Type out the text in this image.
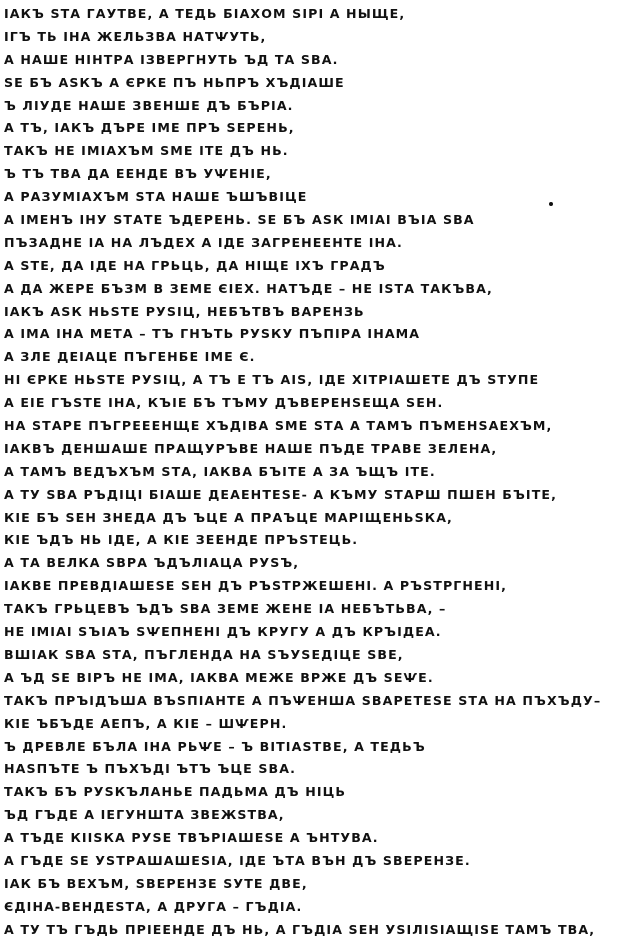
ІАКЪ ЅТА ГАУТВЕ, А ТЕДЬ БІАХОМ ЅІРІ А НЫЩЕ,
ІГЪ ТЬ ІНА ЖЕЛЬЗВА НАТѰУТЬ,
А НАШЕ НІНТРА ІЗВЕРГНУТЬ ЪД ТА ЅВА.
ЅЕ БЪ АЅКЪ А ЄРКЕ ПЪ НЬПРЪ ХЪДІАШЕ
Ъ ЛІУДЕ НАШЕ ЗВЕНШЕ ДЪ БЪРІА.
А ТЪ, ІАКЪ ДЪРЕ ІМЕ ПРЪ ЅЕРЕНЬ,
ТАКЪ НЕ ІМІАХЪМ ЅМЕ ІТЕ ДЪ НЬ.
Ъ ТЪ ТВА ДА ЕЕНДЕ ВЪ УѰЕНІЕ,
А РАЗУМІАХЪМ ЅТА НАШЕ ЪШЪВІЦЕ
А ІМЕНЪ ІНУ ЅТАТЕ ЪДЕРЕНЬ. ЅЕ БЪ АЅК ІМІАІ ВЪІА ЅВА
ПЪЗАДНЕ ІА НА ЛЪДЕХ А ІДЕ ЗАГРЕНЕЕНТЕ ІНА.
А ЅТЕ, ДА ІДЕ НА ГРЬЦЬ, ДА НІЩЕ ІХЪ ГРАДЪ
А ДА ЖЕРЕ БЪЗМ В ЗЕМЕ ЄІЕХ. НАТЪДЕ – НЕ ІЅТА ТАКЪВА,
ІАКЪ АЅК НЬЅТЕ РУЅІЦ, НЕБЪТВЪ ВАРЕНЗЬ
А ІМА ІНА МЕТА – ТЪ ГНЪТЬ РУЅКУ ПЪПІРА ІНАМА
А ЗЛЕ ДЕІАЦЕ ПЪГЕНБЕ ІМЕ Є.
НІ ЄРКЕ НЬЅТЕ РУЅІЦ, А ТЪ Е ТЪ АІЅ, ІДЕ ХІТРІАШЕТЕ ДЪ ЅТУПЕ
А ЕІЕ ГЪЅТЕ ІНА, КЪІЕ БЪ ТЪМУ ДЪВЕРЕНЅЕЩА ЅЕН.
НА ЅТАРЕ ПЪГРЕЕЕНЩЕ ХЪДІВА ЅМЕ ЅТА А ТАМЪ ПЪМЕНЅАЕХЪМ,
ІАКВЪ ДЕНШАШЕ ПРАЩУРЪВЕ НАШЕ ПЪДЕ ТРАВЕ ЗЕЛЕНА,
А ТАМЪ ВЕДЪХЪМ ЅТА, ІАКВА БЪІТЕ А ЗА ЪЩЪ ІТЕ.
А ТУ ЅВА РЪДІЦІ БІАШЕ ДЕАЕНТЕЅЕ- А КЪМУ ЅТАРШ ПШЕН БЪІТЕ,
КІЕ БЪ ЅЕН ЗНЕДА ДЪ ЪЦЕ А ПРАЪЦЕ МАРІЩЕНЬЅКА,
КІЕ ЪДЪ НЬ ІДЕ, А КІЕ ЗЕЕНДЕ ПРЪЅТЕЦЬ.
А ТА ВЕЛКА ЅВРА ЪДЪЛІАЦА РУЅЪ,
ІАКВЕ ПРЕВДІАШЕЅЕ ЅЕН ДЪ РЪЅТРЖЕШЕНІ. А РЪЅТРГНЕНІ,
ТАКЪ ГРЬЦЕВЪ ЪДЪ ЅВА ЗЕМЕ ЖЕНЕ ІА НЕБЪТЬВА, –
НЕ ІМІАІ ЅЪІАЪ ЅѰЕПНЕНІ ДЪ КРУГУ А ДЪ КРЪІДЕА.
ВШІАК ЅВА ЅТА, ПЪГЛЕНДА НА ЅЪУЅЕДІЦЕ ЅВЕ,
А ЪД ЅЕ ВІРЪ НЕ ІМА, ІАКВА МЕЖЕ ВРЖЕ ДЪ ЅЕѰЕ.
ТАКЪ ПРЪІДЪША ВЪЅПІАНТЕ А ПЪѰЕНША ЅВАРЕТЕЅЕ ЅТА НА ПЪХЪДУ–
КІЕ ЪБЪДЕ АЕПЪ, А КІЕ – ШѰЕРН.
Ъ ДРЕВЛЕ БЪЛА ІНА РЬѰЕ – Ъ ВІТІАЅТВЕ, А ТЕДЬЪ
НАЅПЪТЕ Ъ ПЪХЪДІ ЪТЪ ЪЦЕ ЅВА.
ТАКЪ БЪ РУЅКЪЛАНЬЕ ПАДЬМА ДЪ НІЦЬ
ЪД ГЪДЕ А ІЕГУНШТА ЗВЕЖЅТВА,
А ТЪДЕ КІІЅКА РУЅЕ ТВЪРІАШЕЅЕ А ЪНТУВА.
А ГЪДЕ ЅЕ УЅТРАШАШЕЅІА, ІДЕ ЪТА ВЪН ДЪ ЅВЕРЕНЗЕ.
ІАК БЪ ВЕХЪМ, ЅВЕРЕНЗЕ ЅУТЕ ДВЕ,
ЄДІНА-ВЕНДЕЅТА, А ДРУГА – ГЪДІА.
А ТУ ТЪ ГЪДЬ ПРІЕЕНДЕ ДЪ НЬ, А ГЪДІА ЅЕН УЅІЛІЅІАЩІЅЕ ТАМЪ ТВА,
